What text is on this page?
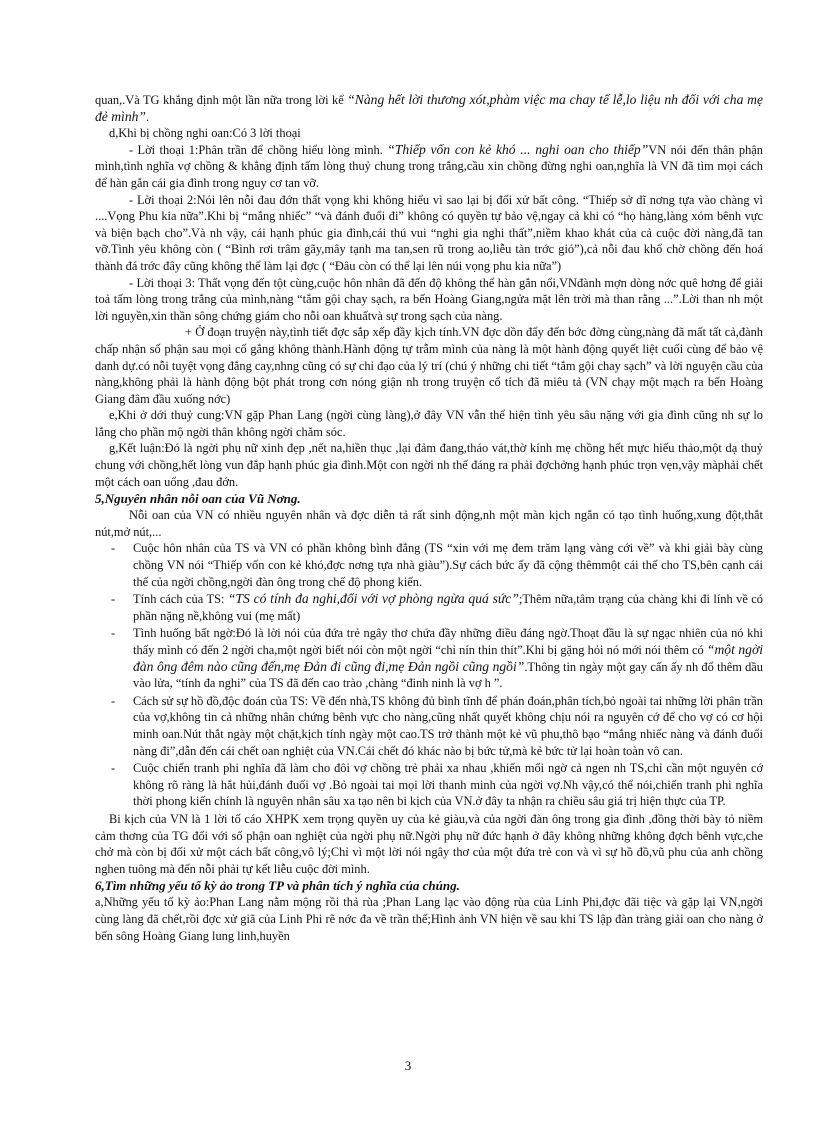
quan,.Và TG khẳng định một lần nữa trong lời kể “Nàng hết lời thương xót,phàm việc ma chay tế lễ,lo liệu nh đối với cha mẹ đẻ mình”.

d,Khi bị chồng nghi oan:Có 3 lời thoại

- Lời thoại 1:Phân trần để chồng hiểu lòng mình. “Thiếp vốn con kẻ khó ... nghi oan cho thiếp”VN nói đến thân phận mình,tình nghĩa vợ chồng & khẳng định tấm lòng thuỷ chung trong trắng,cầu xin chồng đừng nghi oan,nghĩa là VN đã tìm mọi cách để hàn gắn cái gia đình trong nguy cơ tan vỡ.

- Lời thoại 2:Nói lên nỗi đau đớn thất vọng khi không hiểu vì sao lại bị đối xử bất công. “Thiếp sở dĩ nơng tựa vào chàng vì ....Vọng Phu kia nữa”.Khi bị “mắng nhiếc” “và đánh đuổi đi” không có quyền tự bảo vệ,ngay cả khi có “họ hàng,làng xóm bênh vực và biện bạch cho”.Và nh vậy, cái hạnh phúc gia đình,cái thú vui “nghi gia nghi thất”,niềm khao khát của cả cuộc đời nàng,đã tan vỡ.Tình yêu không còn ( “Bình rơi trâm gãy,mây tạnh ma tan,sen rũ trong ao,liễu tàn trớc gió”),cả nỗi đau khổ chờ chồng đến hoá thành đá trớc đây cũng không thể làm lại đợc ( “Đâu còn có thể lại lên núi vọng phu kia nữa”)

- Lời thoại 3: Thất vọng đến tột cùng,cuộc hôn nhân đã đến độ không thể hàn gắn nổi,VNđành mợn dòng nớc quê hơng để giải toả tấm lòng trong trắng của mình,nàng “tắm gội chay sạch, ra bến Hoàng Giang,ngửa mặt lên trời mà than rằng ...”.Lời than nh một lời nguyền,xin thần sông chứng giám cho nỗi oan khuấtvà sự trong sạch của nàng.

+ Ở đoạn truyện này,tình tiết đợc sắp xếp đầy kịch tính.VN đợc dồn đẩy đến bớc đờng cùng,nàng đã mất tất cả,đành chấp nhận số phận sau mọi cố gắng không thành.Hành động tự trẫm mình của nàng là một hành động quyết liệt cuối cùng để bảo vệ danh dự.có nỗi tuyệt vọng đắng cay,nhng cũng có sự chỉ đạo của lý trí (chú ý những chi tiết “tắm gội chay sạch” và lời nguyện cầu của nàng,không phải là hành động bột phát trong cơn nóng giận nh trong truyện cổ tích đã miêu tả (VN chạy một mạch ra bến Hoàng Giang đâm đầu xuống nớc)

e,Khi ở dới thuỷ cung:VN gặp Phan Lang (ngời cùng làng),ở đây VN vẫn thể hiện tình yêu sâu nặng với gia đình cũng nh sự lo lắng cho phần mộ ngời thân không ngời chăm sóc.

g,Kết luận:Đó là ngời phụ nữ xinh đẹp ,nết na,hiền thục ,lại đảm đang,tháo vát,thờ kính mẹ chồng hết mực hiếu thảo,một dạ thuỷ chung với chồng,hết lòng vun đắp hạnh phúc gia đình.Một con ngời nh thế đáng ra phải đợchởng hạnh phúc trọn vẹn,vậy màphải chết một cách oan uổng ,đau đớn.

5,Nguyên nhân nỗi oan của Vũ Nơng.

Nỗi oan của VN có nhiều nguyên nhân và đợc diễn tả rất sinh động,nh một màn kịch ngắn có tạo tình huống,xung đột,thắt nút,mở nút,...

- Cuộc hôn nhân của TS và VN có phần không bình đẳng (TS “xin với mẹ đem trăm lạng vàng cới về” và khi giải bày cùng chồng VN nói “Thiếp vốn con kẻ khó,đợc nơng tựa nhà giàu”).Sự cách bức ấy đã cộng thêmmột cái thế cho TS,bên cạnh cái thế của ngời chồng,ngời đàn ông trong chế độ phong kiến.
- Tính cách của TS: “TS có tính đa nghi,đối với vợ phòng ngừa quá sức”;Thêm nữa,tâm trạng của chàng khi đi lính về có phần nặng nề,không vui (mẹ mất)
- Tình huống bất ngờ:Đó là lời nói của đứa trẻ ngây thơ chứa đầy những điều đáng ngờ.Thoạt đầu là sự ngạc nhiên của nó khi thấy mình có đến 2 ngời cha,một ngời biết nói còn một ngời “chỉ nín thin thít”.Khi bị gặng hỏi nó mới nói thêm có “một ngời đàn ông đêm nào cũng đến,mẹ Đản đi cũng đi,mẹ Đản ngồi cũng ngồi”.Thông tin ngày một gay cấn ấy nh đổ thêm dầu vào lửa, “tính đa nghi” của TS đã đến cao trào ,chàng “đinh ninh là vợ h ”.
- Cách sử sự hồ đồ,độc đoán của TS: Về đến nhà,TS không đủ bình tĩnh để phán đoán,phân tích,bỏ ngoài tai những lời phân trần của vợ,không tin cả những nhân chứng bênh vực cho nàng,cũng nhất quyết không chịu nói ra nguyên cớ để cho vợ có cơ hội minh oan.Nút thắt ngày một chặt,kịch tính ngày một cao.TS trở thành một kẻ vũ phu,thô bạo “mắng nhiếc nàng và đánh đuổi nàng đi”,dẫn đến cái chết oan nghiệt của VN.Cái chết đó khác nào bị bức tử,mà kẻ bức tử lại hoàn toàn vô can.
- Cuộc chiến tranh phi nghĩa đã làm cho đôi vợ chồng trẻ phải xa nhau ,khiến mối ngờ cả ngen nh TS,chỉ cần một nguyên cớ không rõ ràng là hắt hủi,đánh đuổi vợ .Bỏ ngoài tai mọi lời thanh minh của ngời vợ.Nh vậy,có thể nói,chiến tranh phi nghĩa thời phong kiến chính là nguyên nhân sâu xa tạo nên bi kịch của VN.ở đây ta nhận ra chiều sâu giá trị hiện thực của TP.

Bi kịch của VN là 1 lời tố cáo XHPK xem trọng quyền uy của kẻ giàu,và của ngời đàn ông trong gia đình ,đồng thời bày tỏ niềm cảm thơng của TG đối với số phận oan nghiệt của ngời phụ nữ.Ngời phụ nữ đức hạnh ở đây không những không đợch bênh vực,che chở mà còn bị đối xử một cách bất công,vô lý;Chỉ vì một lời nói ngây thơ của một đứa trẻ con và vì sự hồ đồ,vũ phu của anh chồng nghen tuông mà đến nỗi phải tự kết liễu cuộc đời mình.

6,Tìm những yếu tố kỳ ảo trong TP và phân tích ý nghĩa của chúng.

a,Những yếu tố kỳ ảo:Phan Lang nằm mộng rồi thả rùa ;Phan Lang lạc vào động rùa của Linh Phi,đợc đãi tiệc và gặp lại VN,ngời cùng làng đã chết,rồi đợc xử giã của Linh Phi rẽ nớc đa về trần thế;Hình ảnh VN hiện về sau khi TS lập đàn tràng giải oan cho nàng ở bến sông Hoàng Giang lung linh,huyền

3
